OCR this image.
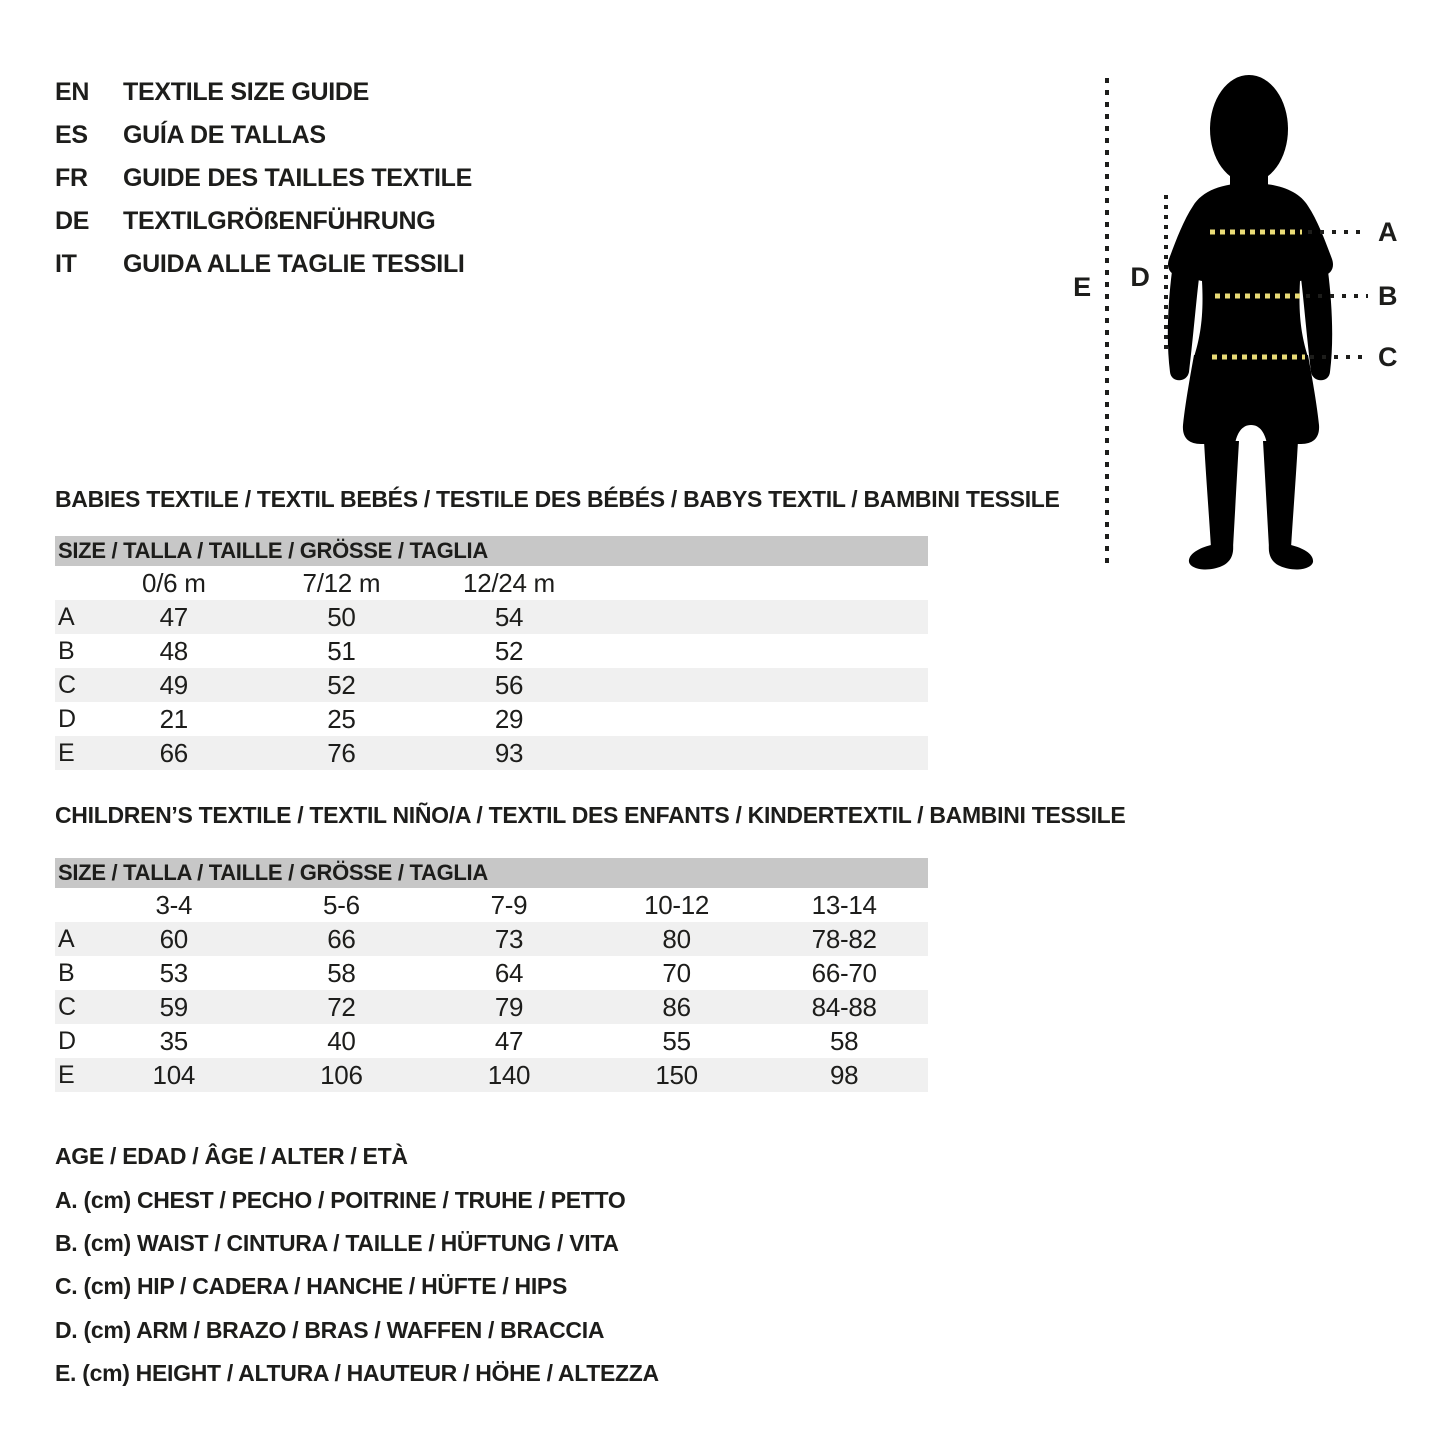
EN	TEXTILE SIZE GUIDE
ES	GUÍA DE TALLAS
FR	GUIDE DES TAILLES TEXTILE
DE	TEXTILGRÖßENFÜHRUNG
IT	GUIDA ALLE TAGLIE TESSILI
E D
A
B
C
BABIES TEXTILE / TEXTIL BEBÉS / TESTILE DES BÉBÉS / BABYS TEXTIL / BAMBINI TESSILE
SIZE / TALLA / TAILLE / GRÖSSE / TAGLIA
0/6 m	7/12 m	12/24 m
A	47	50	54
B	48	51	52
C	49	52	56
D	21	25	29
E	66	76	93
CHILDREN’S TEXTILE / TEXTIL NIÑO/A / TEXTIL DES ENFANTS / KINDERTEXTIL / BAMBINI TESSILE
SIZE / TALLA / TAILLE / GRÖSSE / TAGLIA
3-4	5-6	7-9	10-12	13-14
A	60	66	73	80	78-82
B	53	58	64	70	66-70
C	59	72	79	86	84-88
D	35	40	47	55	58
E	104	106	140	150	98
AGE / EDAD / ÂGE / ALTER / ETÀ
A. (cm) CHEST / PECHO / POITRINE / TRUHE / PETTO
B. (cm) WAIST / CINTURA / TAILLE / HÜFTUNG / VITA
C. (cm) HIP / CADERA / HANCHE / HÜFTE / HIPS
D. (cm) ARM / BRAZO / BRAS / WAFFEN / BRACCIA
E. (cm) HEIGHT / ALTURA / HAUTEUR / HÖHE / ALTEZZA
